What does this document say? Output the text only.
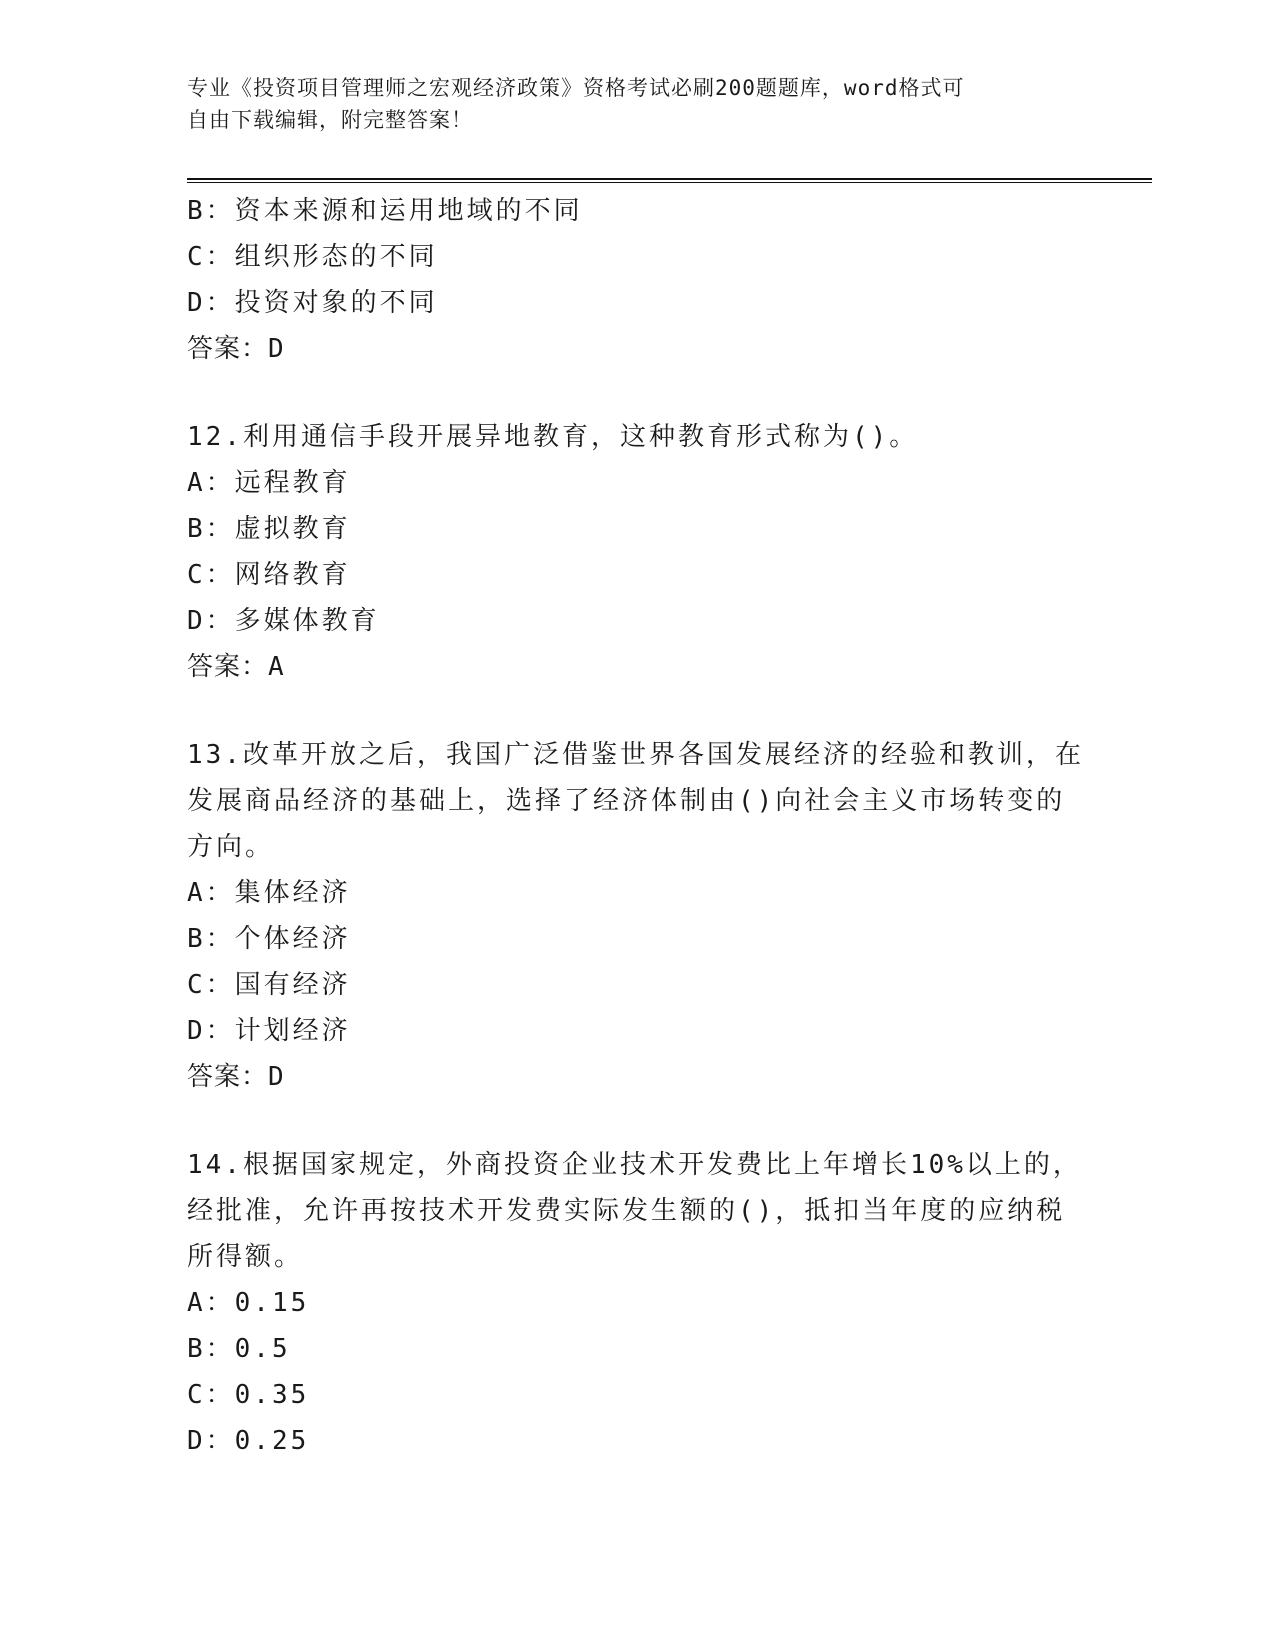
专业《投资项目管理师之宏观经济政策》资格考试必刷200题题库，word格式可
自由下载编辑，附完整答案！
B：资本来源和运用地域的不同
C：组织形态的不同
D：投资对象的不同
答案：D
12.利用通信手段开展异地教育，这种教育形式称为()。
A：远程教育
B：虚拟教育
C：网络教育
D：多媒体教育
答案：A
13.改革开放之后，我国广泛借鉴世界各国发展经济的经验和教训，在
发展商品经济的基础上，选择了经济体制由()向社会主义市场转变的
方向。
A：集体经济
B：个体经济
C：国有经济
D：计划经济
答案：D
14.根据国家规定，外商投资企业技术开发费比上年增长10%以上的，
经批准，允许再按技术开发费实际发生额的()，抵扣当年度的应纳税
所得额。
A：0.15
B：0.5
C：0.35
D：0.25
